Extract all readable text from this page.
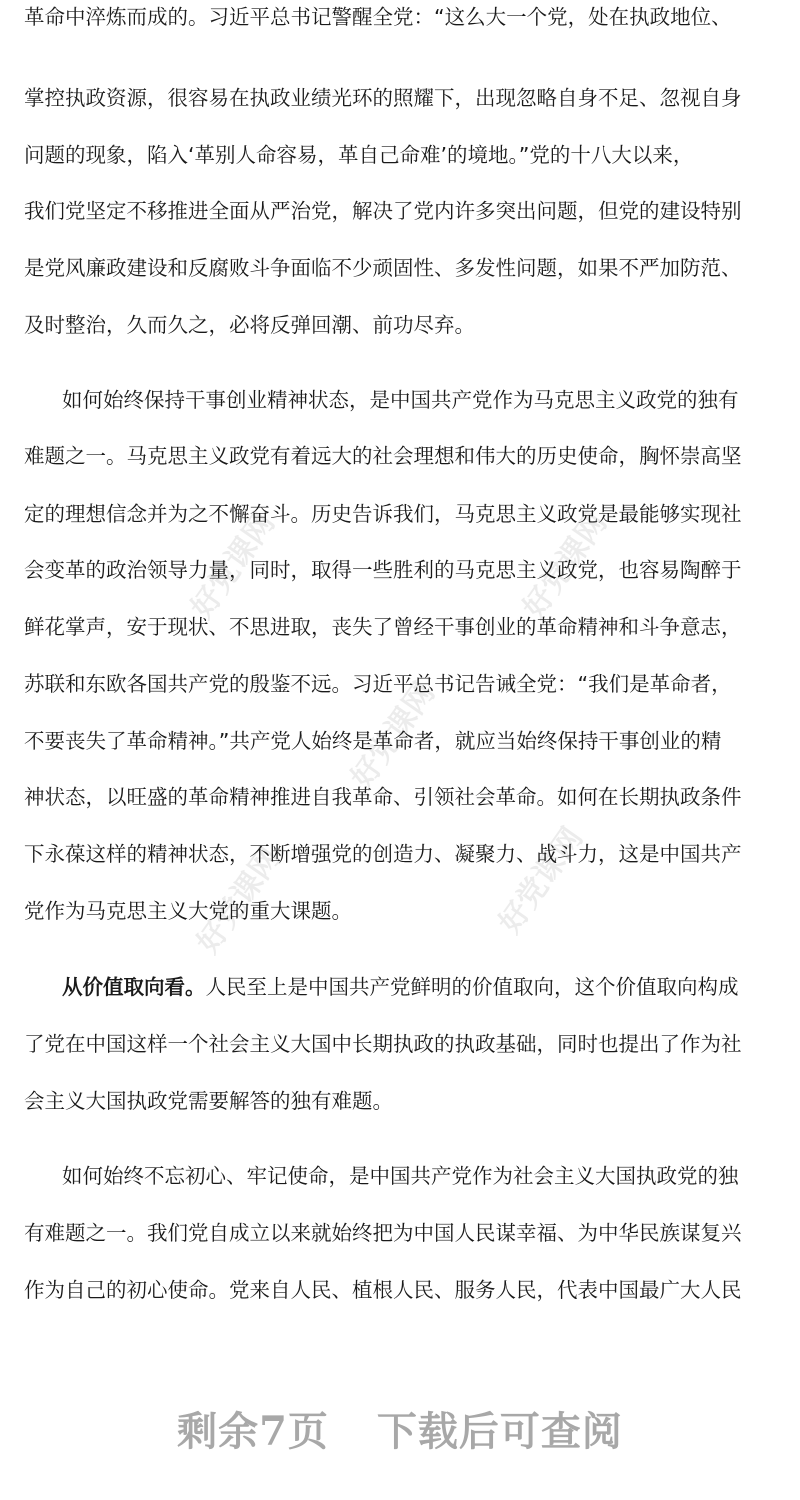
好党课网	好党课网
好党课网
好党课网	好党课网
革命中淬炼而成的。习近平总书记警醒全党：“这么大一个党，处在执政地位、
掌控执政资源，很容易在执政业绩光环的照耀下，出现忽略自身不足、忽视自身
问题的现象，陷入‘革别人命容易，革自己命难’的境地。”党的十八大以来，
我们党坚定不移推进全面从严治党，解决了党内许多突出问题，但党的建设特别
是党风廉政建设和反腐败斗争面临不少顽固性、多发性问题，如果不严加防范、
及时整治，久而久之，必将反弹回潮、前功尽弃。
如何始终保持干事创业精神状态，是中国共产党作为马克思主义政党的独有
难题之一。马克思主义政党有着远大的社会理想和伟大的历史使命，胸怀崇高坚
定的理想信念并为之不懈奋斗。历史告诉我们，马克思主义政党是最能够实现社
会变革的政治领导力量，同时，取得一些胜利的马克思主义政党，也容易陶醉于
鲜花掌声，安于现状、不思进取，丧失了曾经干事创业的革命精神和斗争意志，
苏联和东欧各国共产党的殷鉴不远。习近平总书记告诫全党：“我们是革命者，
不要丧失了革命精神。”共产党人始终是革命者，就应当始终保持干事创业的精
神状态，以旺盛的革命精神推进自我革命、引领社会革命。如何在长期执政条件
下永葆这样的精神状态，不断增强党的创造力、凝聚力、战斗力，这是中国共产
党作为马克思主义大党的重大课题。
从价值取向看。人民至上是中国共产党鲜明的价值取向，这个价值取向构成
了党在中国这样一个社会主义大国中长期执政的执政基础，同时也提出了作为社
会主义大国执政党需要解答的独有难题。
如何始终不忘初心、牢记使命，是中国共产党作为社会主义大国执政党的独
有难题之一。我们党自成立以来就始终把为中国人民谋幸福、为中华民族谋复兴
作为自己的初心使命。党来自人民、植根人民、服务人民，代表中国最广大人民
剩余7页 下载后可查阅
